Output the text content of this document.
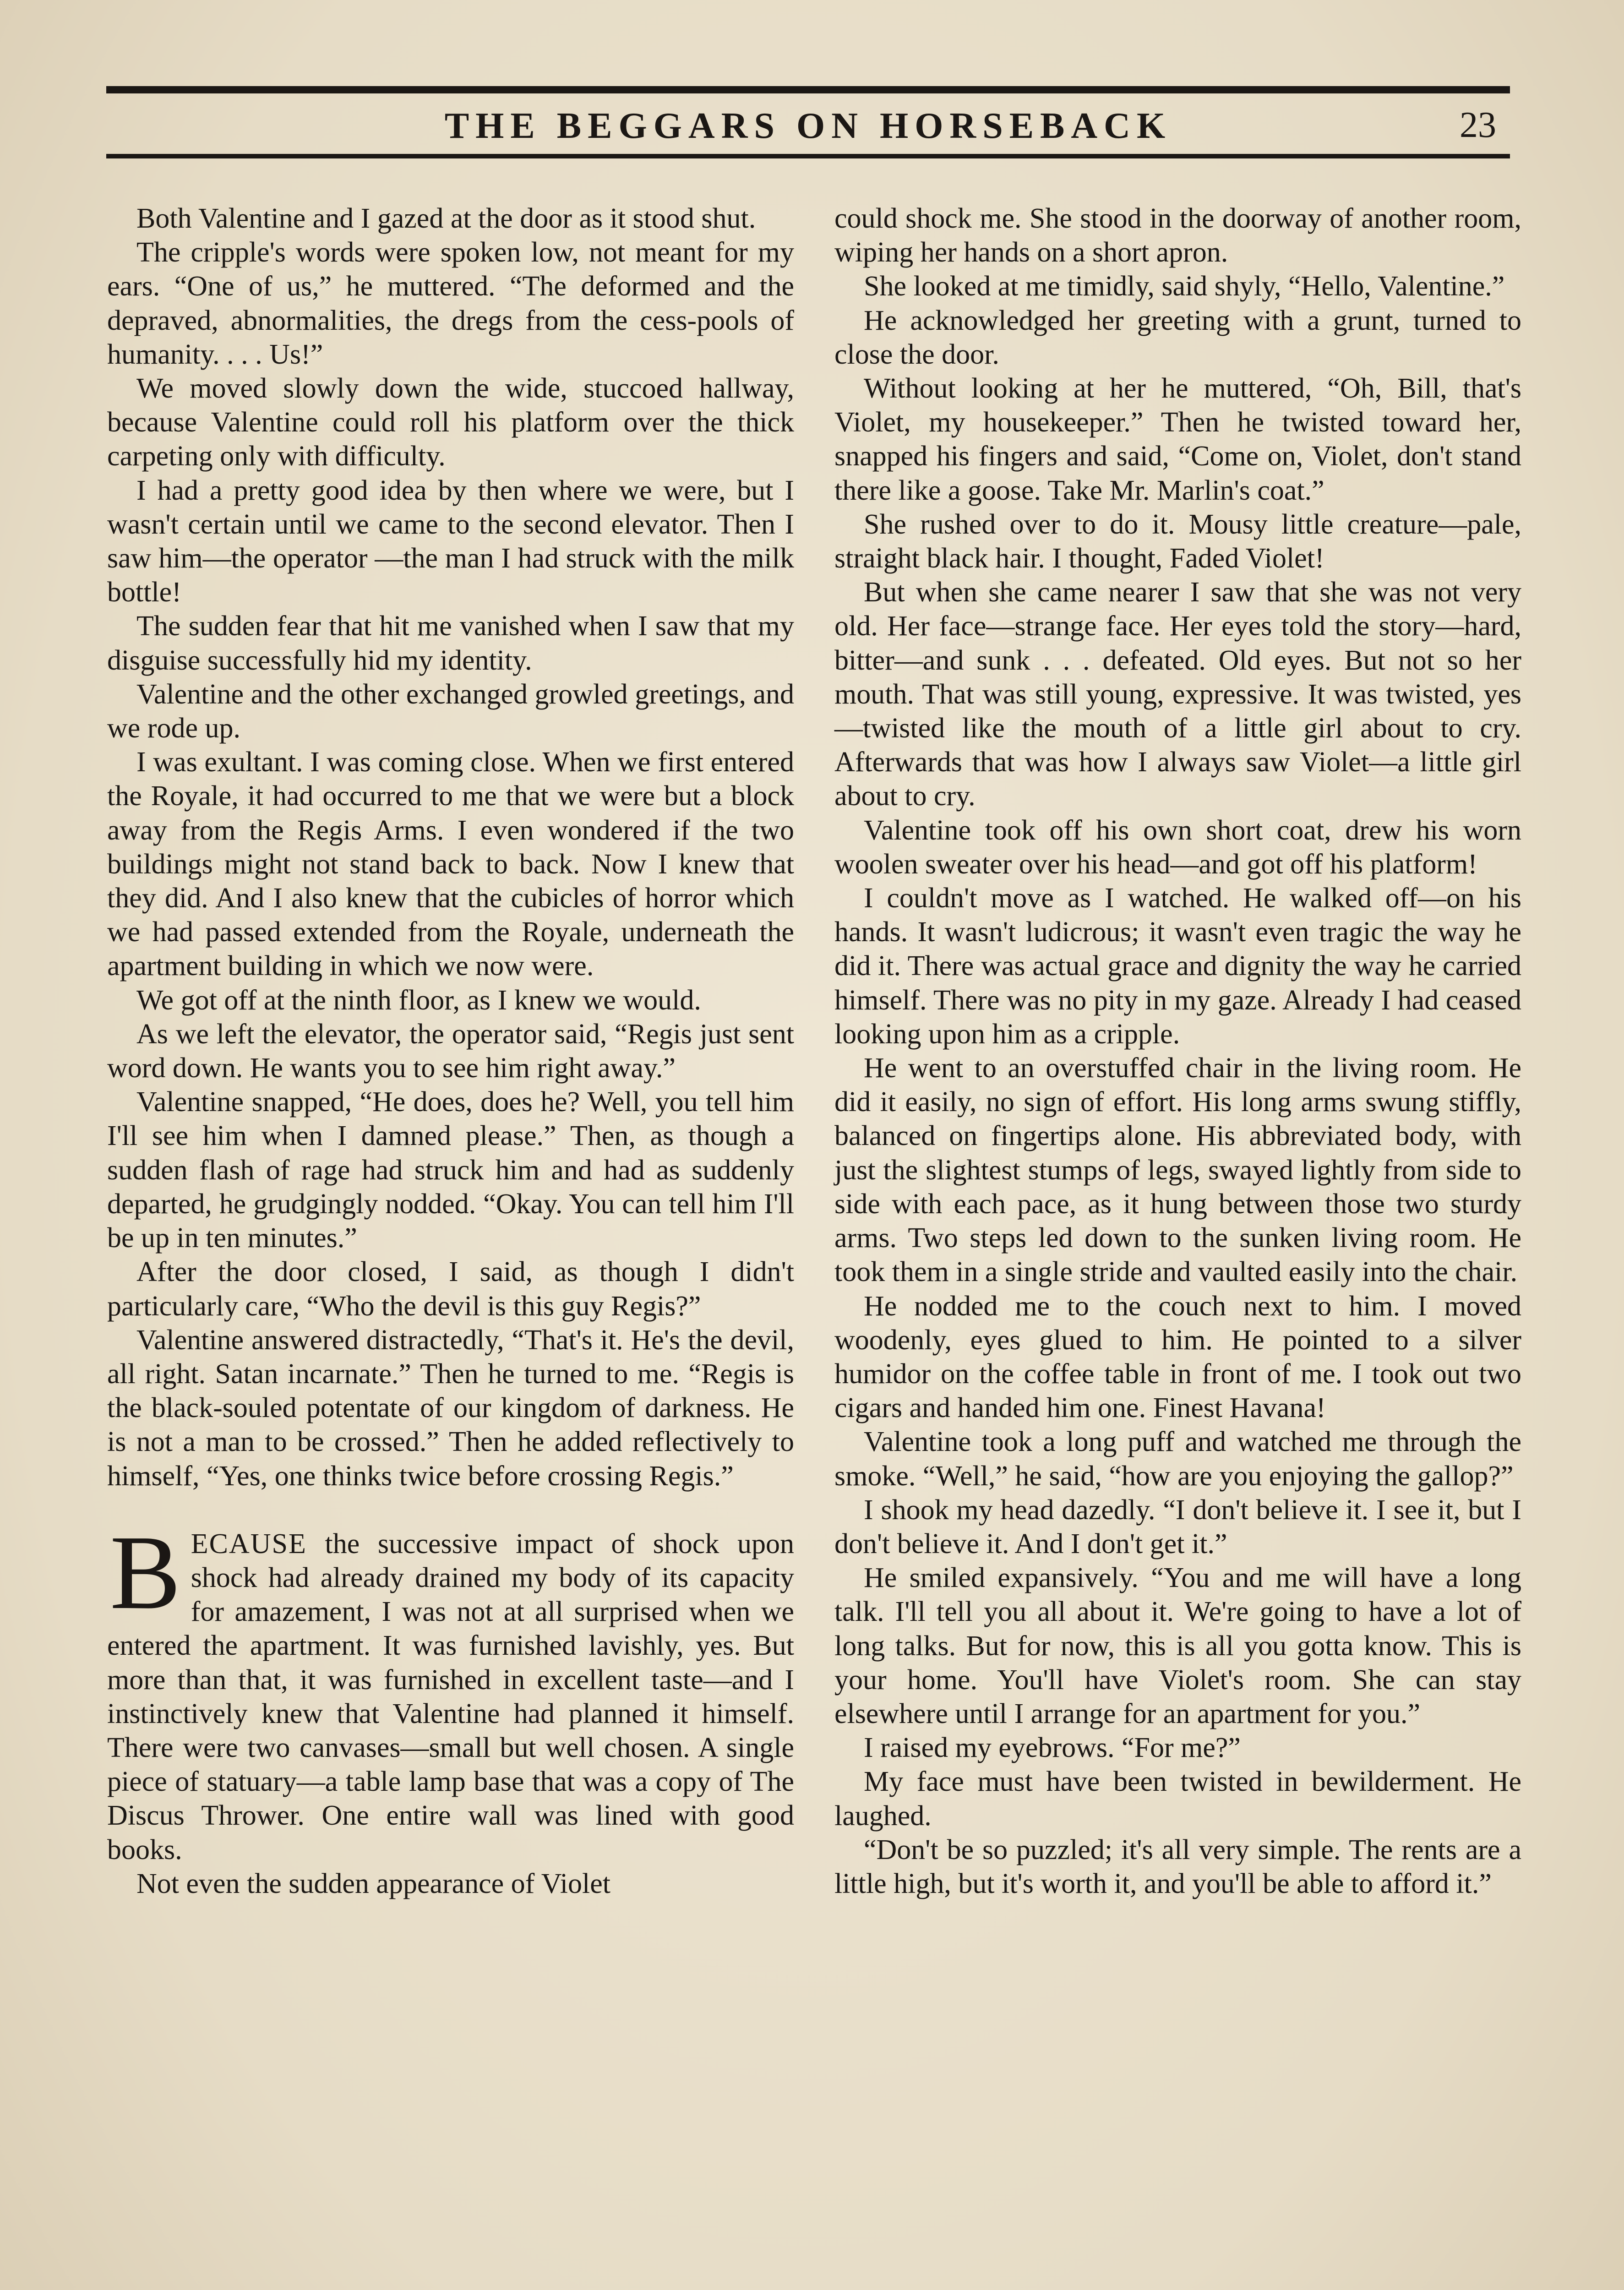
THE BEGGARS ON HORSEBACK	23

Both Valentine and I gazed at the door as it stood shut.

The cripple's words were spoken low, not meant for my ears. “One of us,” he muttered. “The deformed and the depraved, abnormalities, the dregs from the cess-pools of humanity. . . . Us!”

We moved slowly down the wide, stuccoed hallway, because Valentine could roll his platform over the thick carpeting only with difficulty.

I had a pretty good idea by then where we were, but I wasn't certain until we came to the second elevator. Then I saw him—the operator —the man I had struck with the milk bottle!

The sudden fear that hit me vanished when I saw that my disguise successfully hid my identity.

Valentine and the other exchanged growled greetings, and we rode up.

I was exultant. I was coming close. When we first entered the Royale, it had occurred to me that we were but a block away from the Regis Arms. I even wondered if the two buildings might not stand back to back. Now I knew that they did. And I also knew that the cubicles of horror which we had passed extended from the Royale, underneath the apartment building in which we now were.

We got off at the ninth floor, as I knew we would.

As we left the elevator, the operator said, “Regis just sent word down. He wants you to see him right away.”

Valentine snapped, “He does, does he? Well, you tell him I'll see him when I damned please.” Then, as though a sudden flash of rage had struck him and had as suddenly departed, he grudgingly nodded. “Okay. You can tell him I'll be up in ten minutes.”

After the door closed, I said, as though I didn't particularly care, “Who the devil is this guy Regis?”

Valentine answered distractedly, “That's it. He's the devil, all right. Satan incarnate.” Then he turned to me. “Regis is the black-souled potentate of our kingdom of darkness. He is not a man to be crossed.” Then he added reflectively to himself, “Yes, one thinks twice before crossing Regis.”

BECAUSE the successive impact of shock upon shock had already drained my body of its capacity for amazement, I was not at all surprised when we entered the apartment. It was furnished lavishly, yes. But more than that, it was furnished in excellent taste—and I instinctively knew that Valentine had planned it himself. There were two canvases—small but well chosen. A single piece of statuary—a table lamp base that was a copy of The Discus Thrower. One entire wall was lined with good books.

Not even the sudden appearance of Violet

could shock me. She stood in the doorway of another room, wiping her hands on a short apron.

She looked at me timidly, said shyly, “Hello, Valentine.”

He acknowledged her greeting with a grunt, turned to close the door.

Without looking at her he muttered, “Oh, Bill, that's Violet, my housekeeper.” Then he twisted toward her, snapped his fingers and said, “Come on, Violet, don't stand there like a goose. Take Mr. Marlin's coat.”

She rushed over to do it. Mousy little creature—pale, straight black hair. I thought, Faded Violet!

But when she came nearer I saw that she was not very old. Her face—strange face. Her eyes told the story—hard, bitter—and sunk . . . defeated. Old eyes. But not so her mouth. That was still young, expressive. It was twisted, yes—twisted like the mouth of a little girl about to cry. Afterwards that was how I always saw Violet—a little girl about to cry.

Valentine took off his own short coat, drew his worn woolen sweater over his head—and got off his platform!

I couldn't move as I watched. He walked off—on his hands. It wasn't ludicrous; it wasn't even tragic the way he did it. There was actual grace and dignity the way he carried himself. There was no pity in my gaze. Already I had ceased looking upon him as a cripple.

He went to an overstuffed chair in the living room. He did it easily, no sign of effort. His long arms swung stiffly, balanced on fingertips alone. His abbreviated body, with just the slightest stumps of legs, swayed lightly from side to side with each pace, as it hung between those two sturdy arms. Two steps led down to the sunken living room. He took them in a single stride and vaulted easily into the chair.

He nodded me to the couch next to him. I moved woodenly, eyes glued to him. He pointed to a silver humidor on the coffee table in front of me. I took out two cigars and handed him one. Finest Havana!

Valentine took a long puff and watched me through the smoke. “Well,” he said, “how are you enjoying the gallop?”

I shook my head dazedly. “I don't believe it. I see it, but I don't believe it. And I don't get it.”

He smiled expansively. “You and me will have a long talk. I'll tell you all about it. We're going to have a lot of long talks. But for now, this is all you gotta know. This is your home. You'll have Violet's room. She can stay elsewhere until I arrange for an apartment for you.”

I raised my eyebrows. “For me?”

My face must have been twisted in bewilderment. He laughed.

“Don't be so puzzled; it's all very simple. The rents are a little high, but it's worth it, and you'll be able to afford it.”
